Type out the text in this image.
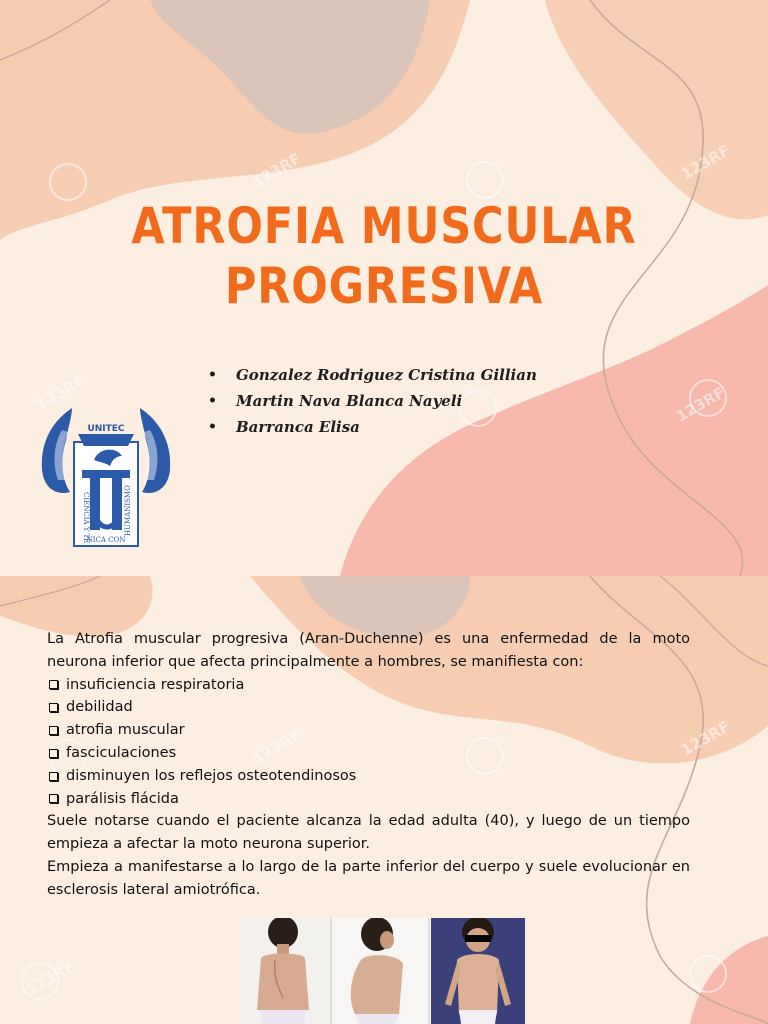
123RF	123RF
123RF	123RF
ATROFIA MUSCULAR
PROGRESIVA
•	Gonzalez Rodriguez Cristina Gillian
•	Martin Nava Blanca Nayeli
•	Barranca Elisa
UNITEC
CIENCIA Y TE
NICA CON
HUMANISMO
123RF	123RF
123RF

La Atrofia muscular progresiva (Aran-Duchenne) es una enfermedad de la moto neurona inferior que afecta principalmente a hombres, se manifiesta con:

insuficiencia respiratoria
debilidad
atrofia muscular
fasciculaciones
disminuyen los reflejos osteotendinosos
parálisis flácida

Suele notarse cuando el paciente alcanza la edad adulta (40), y luego de un tiempo empieza a afectar la moto neurona superior.

Empieza a manifestarse a lo largo de la parte inferior del cuerpo y suele evolucionar en esclerosis lateral amiotrófica.
